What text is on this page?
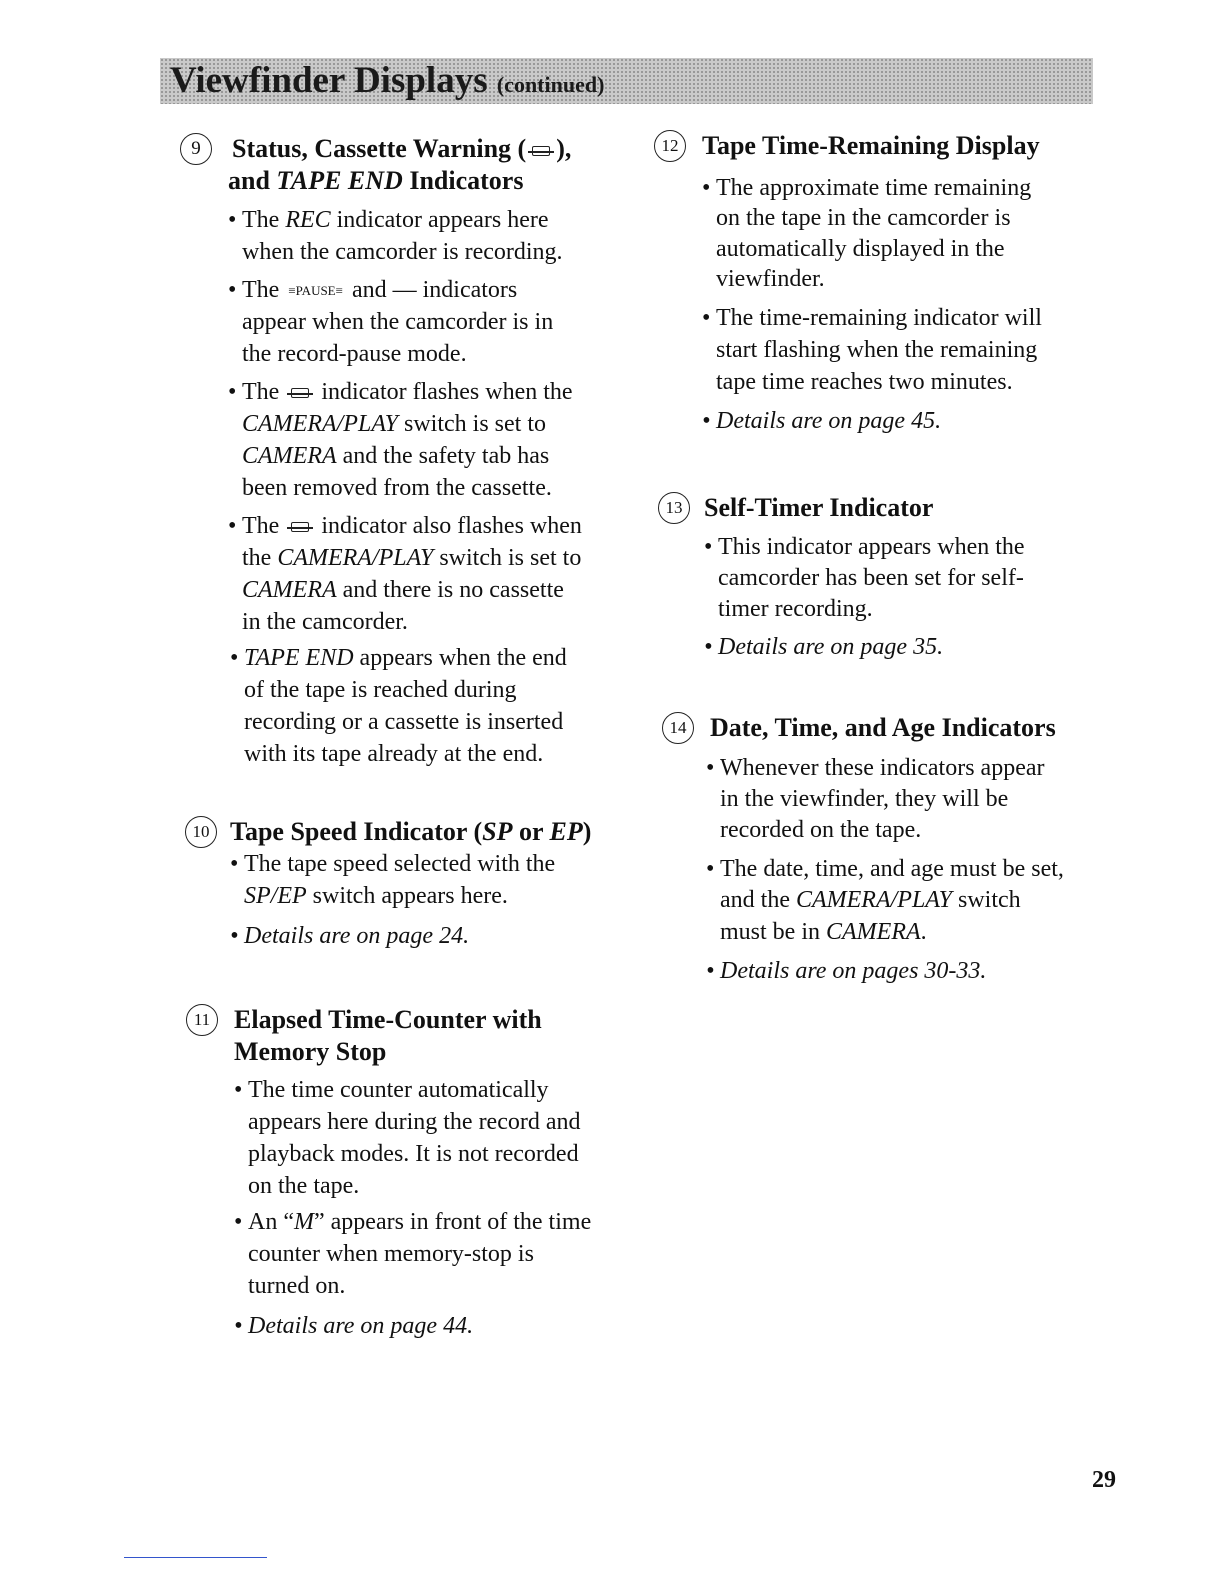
Viewfinder Displays (continued)
9	Status, Cassette Warning ( ),
and TAPE END Indicators
• The REC indicator appears here
when the camcorder is recording.
• The ≡PAUSE≡ and — indicators
appear when the camcorder is in
the record-pause mode.
• The  indicator flashes when the
CAMERA/PLAY switch is set to
CAMERA and the safety tab has
been removed from the cassette.
• The  indicator also flashes when
the CAMERA/PLAY switch is set to
CAMERA and there is no cassette
in the camcorder.
• TAPE END appears when the end
of the tape is reached during
recording or a cassette is inserted
with its tape already at the end.
10 Tape Speed Indicator (SP or EP)
• The tape speed selected with the
SP/EP switch appears here.
• Details are on page 24.
11 Elapsed Time-Counter with
Memory Stop
• The time counter automatically
appears here during the record and
playback modes. It is not recorded
on the tape.
• An “M” appears in front of the time
counter when memory-stop is
turned on.
• Details are on page 44.
12 Tape Time-Remaining Display
• The approximate time remaining
on the tape in the camcorder is
automatically displayed in the
viewfinder.
• The time-remaining indicator will
start flashing when the remaining
tape time reaches two minutes.
• Details are on page 45.
13 Self-Timer Indicator
• This indicator appears when the
camcorder has been set for self-
timer recording.
• Details are on page 35.
14 Date, Time, and Age Indicators
• Whenever these indicators appear
in the viewfinder, they will be
recorded on the tape.
• The date, time, and age must be set,
and the CAMERA/PLAY switch
must be in CAMERA.
• Details are on pages 30-33.
29
